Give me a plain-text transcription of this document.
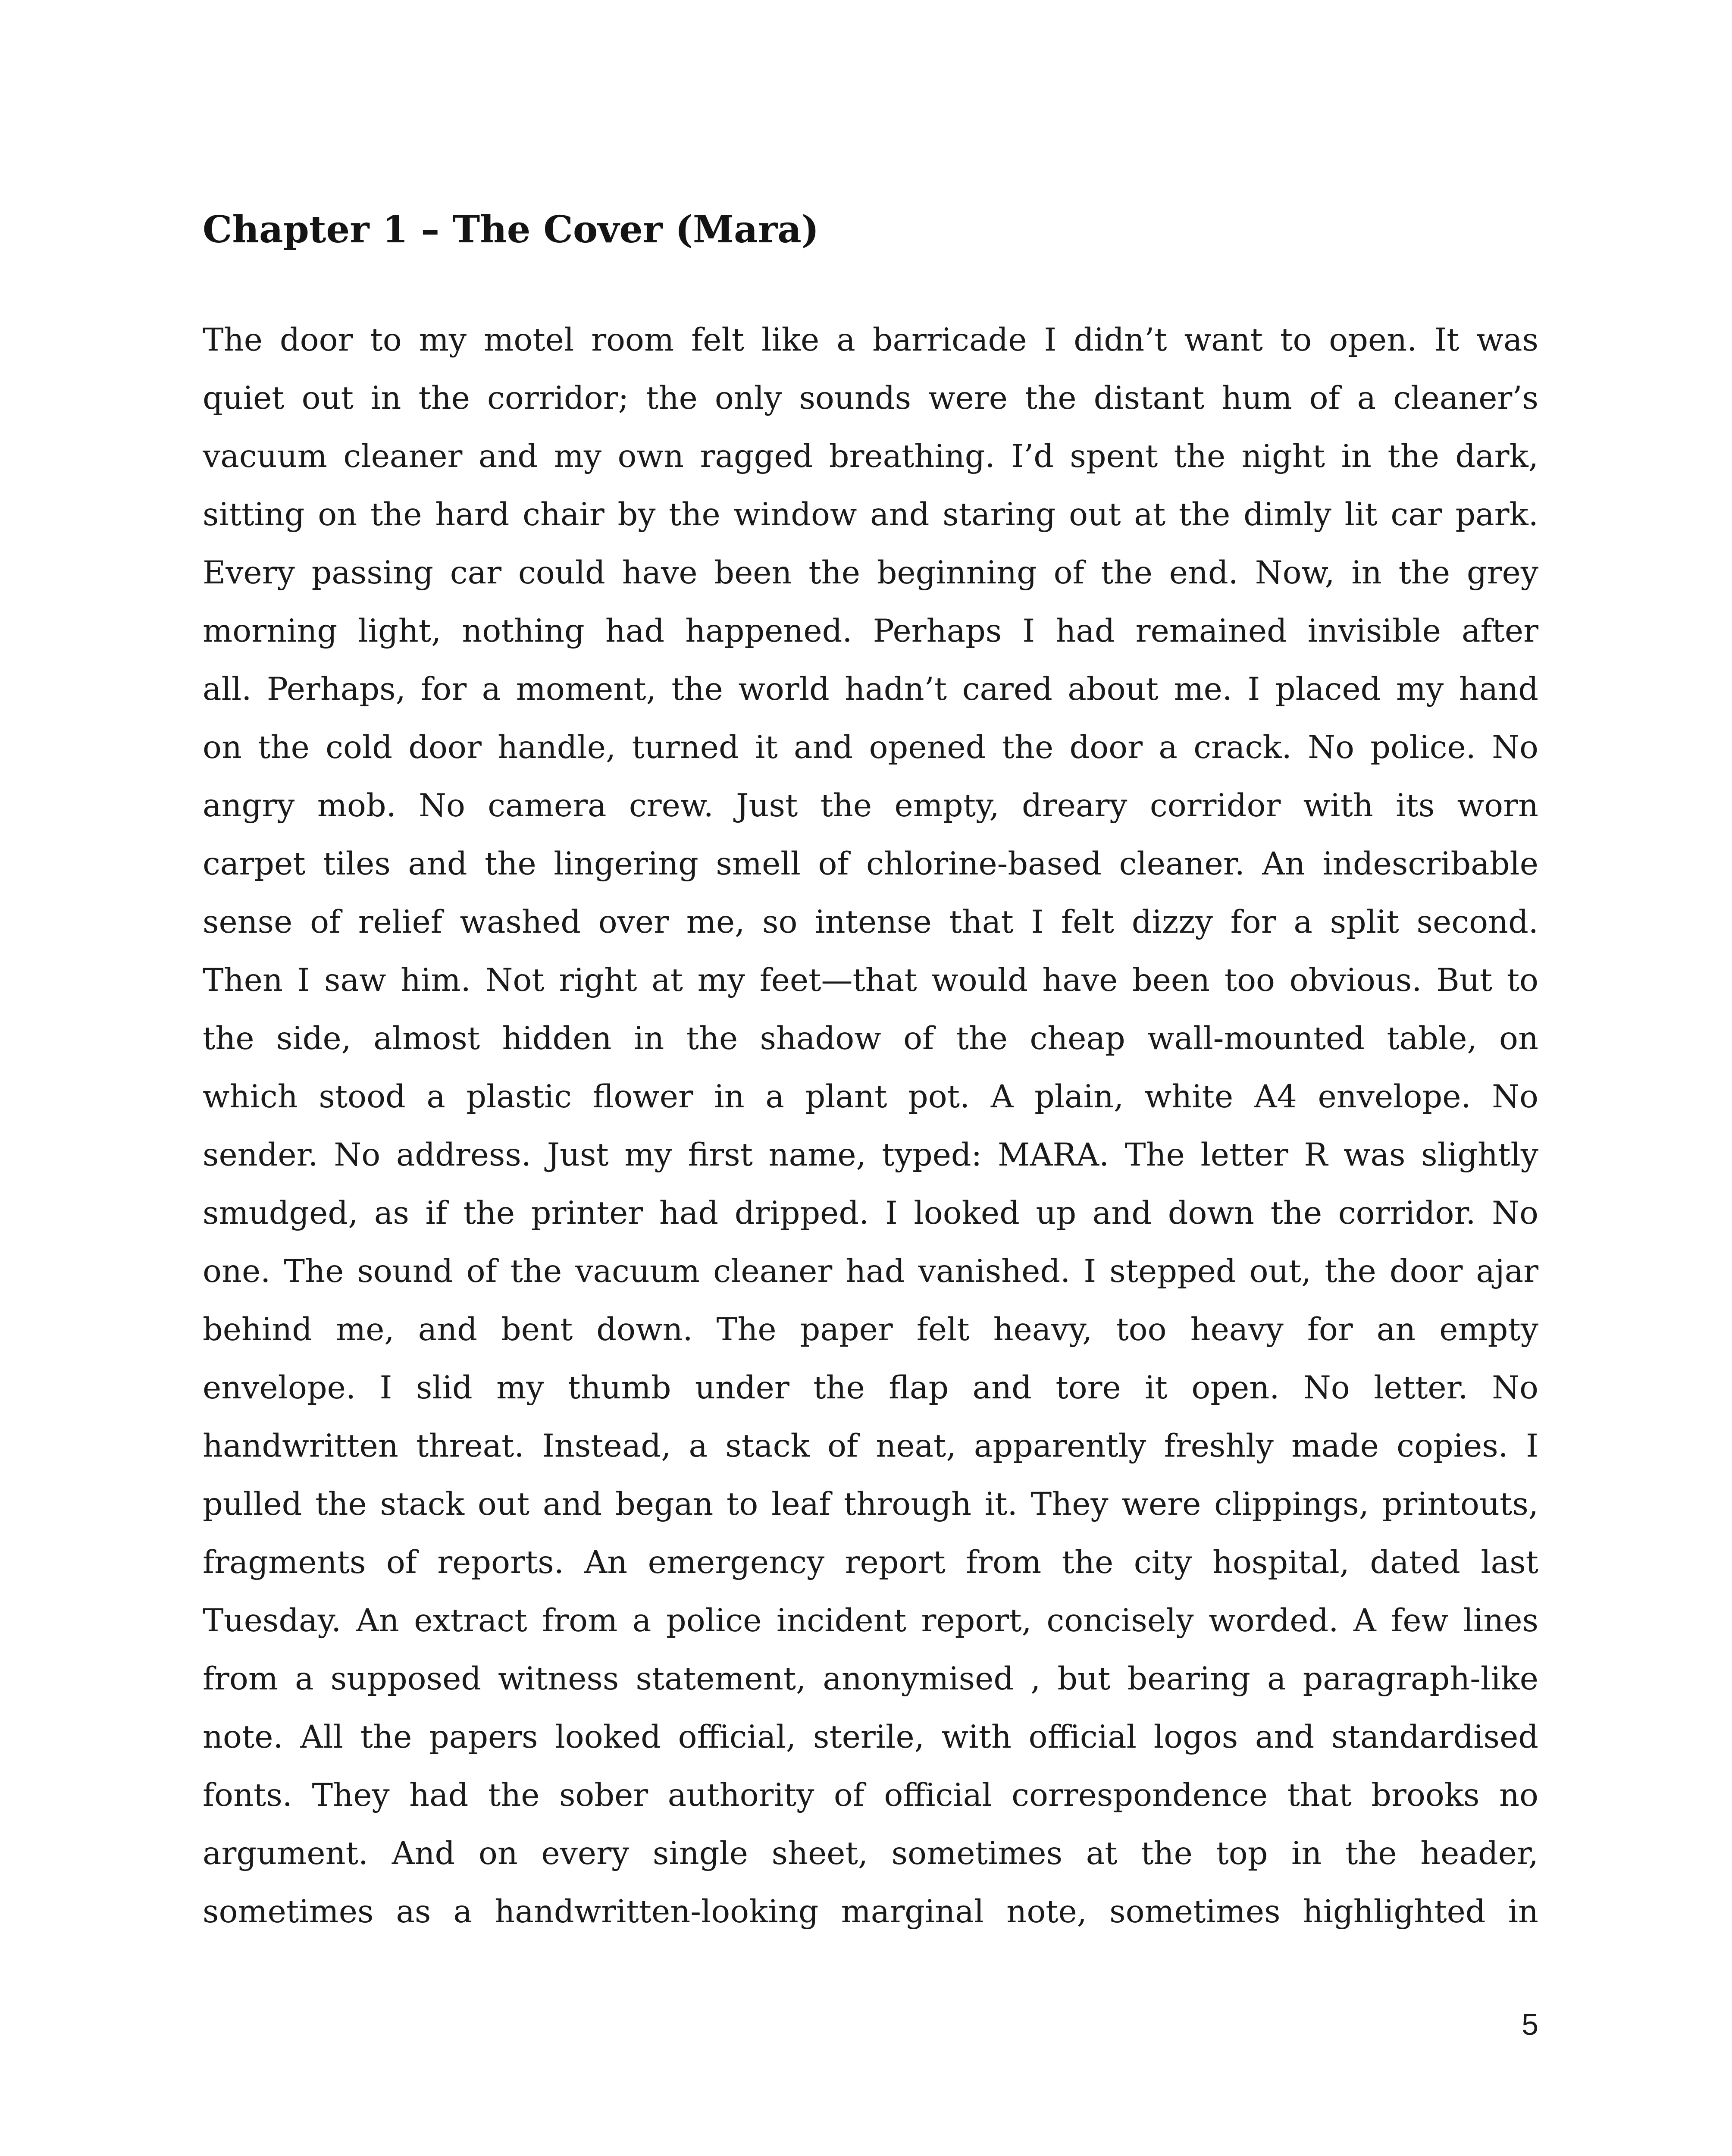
Chapter 1 – The Cover (Mara)
The door to my motel room felt like a barricade I didn’t want to open. It was
quiet out in the corridor; the only sounds were the distant hum of a cleaner’s
vacuum cleaner and my own ragged breathing. I’d spent the night in the dark,
sitting on the hard chair by the window and staring out at the dimly lit car park.
Every passing car could have been the beginning of the end. Now, in the grey
morning light, nothing had happened. Perhaps I had remained invisible after
all. Perhaps, for a moment, the world hadn’t cared about me. I placed my hand
on the cold door handle, turned it and opened the door a crack. No police. No
angry mob. No camera crew. Just the empty, dreary corridor with its worn
carpet tiles and the lingering smell of chlorine-based cleaner. An indescribable
sense of relief washed over me, so intense that I felt dizzy for a split second.
Then I saw him. Not right at my feet—that would have been too obvious. But to
the side, almost hidden in the shadow of the cheap wall-mounted table, on
which stood a plastic flower in a plant pot. A plain, white A4 envelope. No
sender. No address. Just my first name, typed: MARA. The letter R was slightly
smudged, as if the printer had dripped. I looked up and down the corridor. No
one. The sound of the vacuum cleaner had vanished. I stepped out, the door ajar
behind me, and bent down. The paper felt heavy, too heavy for an empty
envelope. I slid my thumb under the flap and tore it open. No letter. No
handwritten threat. Instead, a stack of neat, apparently freshly made copies. I
pulled the stack out and began to leaf through it. They were clippings, printouts,
fragments of reports. An emergency report from the city hospital, dated last
Tuesday. An extract from a police incident report, concisely worded. A few lines
from a supposed witness statement, anonymised , but bearing a paragraph-like
note. All the papers looked official, sterile, with official logos and standardised
fonts. They had the sober authority of official correspondence that brooks no
argument. And on every single sheet, sometimes at the top in the header,
sometimes as a handwritten-looking marginal note, sometimes highlighted in
5
